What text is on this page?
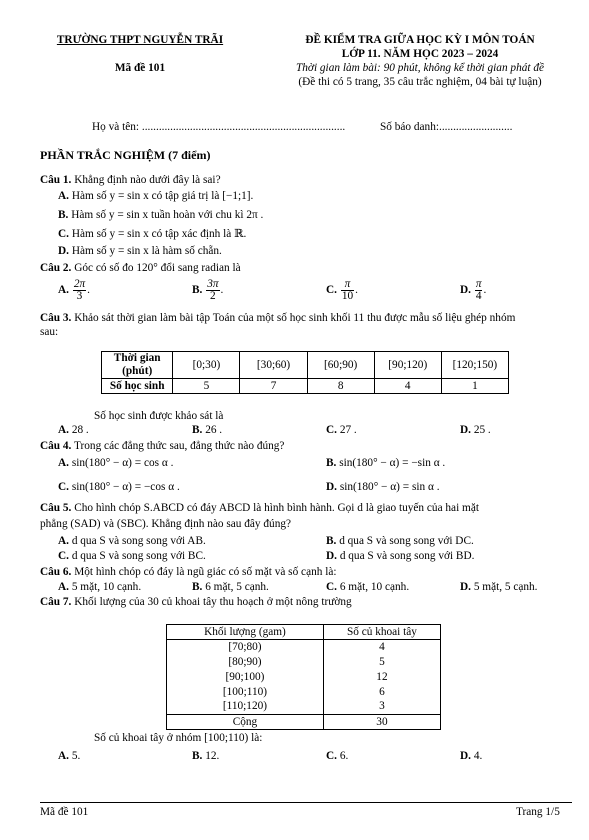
TRƯỜNG THPT NGUYỄN TRÃI
Mã đề 101
ĐỀ KIỂM TRA GIỮA HỌC KỲ I MÔN TOÁN
LỚP 11. NĂM HỌC 2023 – 2024
Thời gian làm bài: 90 phút, không kể thời gian phát đề
(Đề thi có 5 trang, 35 câu trắc nghiệm, 04 bài tự luận)
Họ và tên: ........................................................................	Số báo danh:..........................
PHẦN TRẮC NGHIỆM (7 điểm)
Câu 1. Khẳng định nào dưới đây là sai?
A. Hàm số y = sin x có tập giá trị là [−1;1].
B. Hàm số y = sin x tuần hoàn với chu kì 2π .
C. Hàm số y = sin x có tập xác định là ℝ.
D. Hàm số y = sin x là hàm số chẵn.
Câu 2. Góc có số đo 120° đổi sang radian là
A. $\frac{2\pi}{3}$ .	B. $\frac{3\pi}{2}$ .	C. $\frac{\pi}{10}$ .	D. $\frac{\pi}{4}$ .
Câu 3. Khảo sát thời gian làm bài tập Toán của một số học sinh khối 11 thu được mẫu số liệu ghép nhóm
sau:
Thời gian (phút)	[0;30)	[30;60)	[60;90)	[90;120)	[120;150)
Số học sinh	5	7	8	4	1
Số học sinh được khảo sát là
A. 28 .	B. 26 .	C. 27 .	D. 25 .
Câu 4. Trong các đẳng thức sau, đẳng thức nào đúng?
A. sin(180° − α) = cos α .	B. sin(180° − α) = −sin α .
C. sin(180° − α) = −cos α .	D. sin(180° − α) = sin α .
Câu 5. Cho hình chóp S.ABCD có đáy ABCD là hình bình hành. Gọi d là giao tuyến của hai mặt
phẳng (SAD) và (SBC). Khẳng định nào sau đây đúng?
A. d qua S và song song với AB.	B. d qua S và song song với DC.
C. d qua S và song song với BC.	D. d qua S và song song với BD.
Câu 6. Một hình chóp có đáy là ngũ giác có số mặt và số cạnh là:
A. 5 mặt, 10 cạnh.	B. 6 mặt, 5 cạnh.	C. 6 mặt, 10 cạnh.	D. 5 mặt, 5 cạnh.
Câu 7. Khối lượng của 30 củ khoai tây thu hoạch ở một nông trường
Khối lượng (gam)	Số củ khoai tây
[70;80)	4
[80;90)	5
[90;100)	12
[100;110)	6
[110;120)	3
Cộng	30
Số củ khoai tây ở nhóm [100;110) là:
A. 5.	B. 12.	C. 6.	D. 4.
Mã đề 101	Trang 1/5
